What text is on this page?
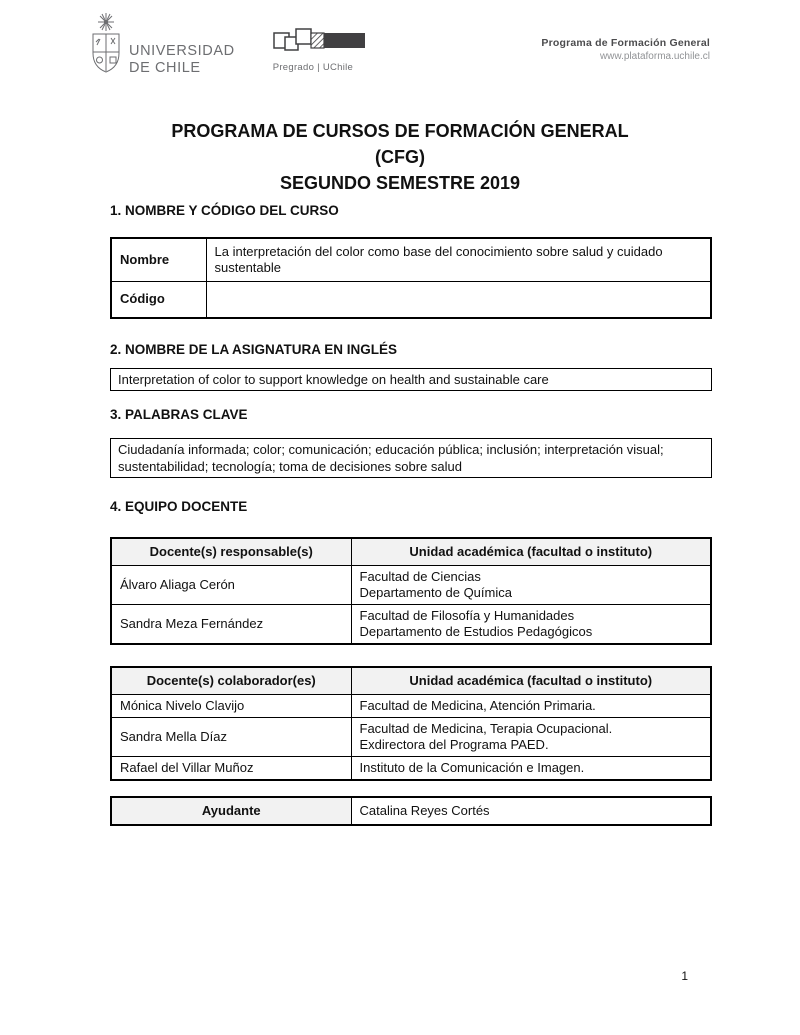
UNIVERSIDAD
DE CHILE	Pregrado | UChile
Programa de Formación General
www.plataforma.uchile.cl
PROGRAMA DE CURSOS DE FORMACIÓN GENERAL
(CFG)
SEGUNDO SEMESTRE 2019
1. NOMBRE Y CÓDIGO DEL CURSO
Nombre	La interpretación del color como base del conocimiento sobre salud y cuidado sustentable
Código	
2. NOMBRE DE LA ASIGNATURA EN INGLÉS
Interpretation of color to support knowledge on health and sustainable care
3. PALABRAS CLAVE
Ciudadanía informada; color; comunicación; educación pública; inclusión; interpretación visual; sustentabilidad; tecnología; toma de decisiones sobre salud
4. EQUIPO DOCENTE
Docente(s) responsable(s)	Unidad académica (facultad o instituto)
Álvaro Aliaga Cerón	Facultad de Ciencias
Departamento de Química

Sandra Meza Fernández	Facultad de Filosofía y Humanidades
Departamento de Estudios Pedagógicos
Docente(s) colaborador(es)	Unidad académica (facultad o instituto)
Mónica Nivelo Clavijo	Facultad de Medicina, Atención Primaria.

Sandra Mella Díaz	Facultad de Medicina, Terapia Ocupacional.
Exdirectora del Programa PAED.

Rafael del Villar Muñoz	Instituto de la Comunicación e Imagen.
Ayudante	Catalina Reyes Cortés
1
